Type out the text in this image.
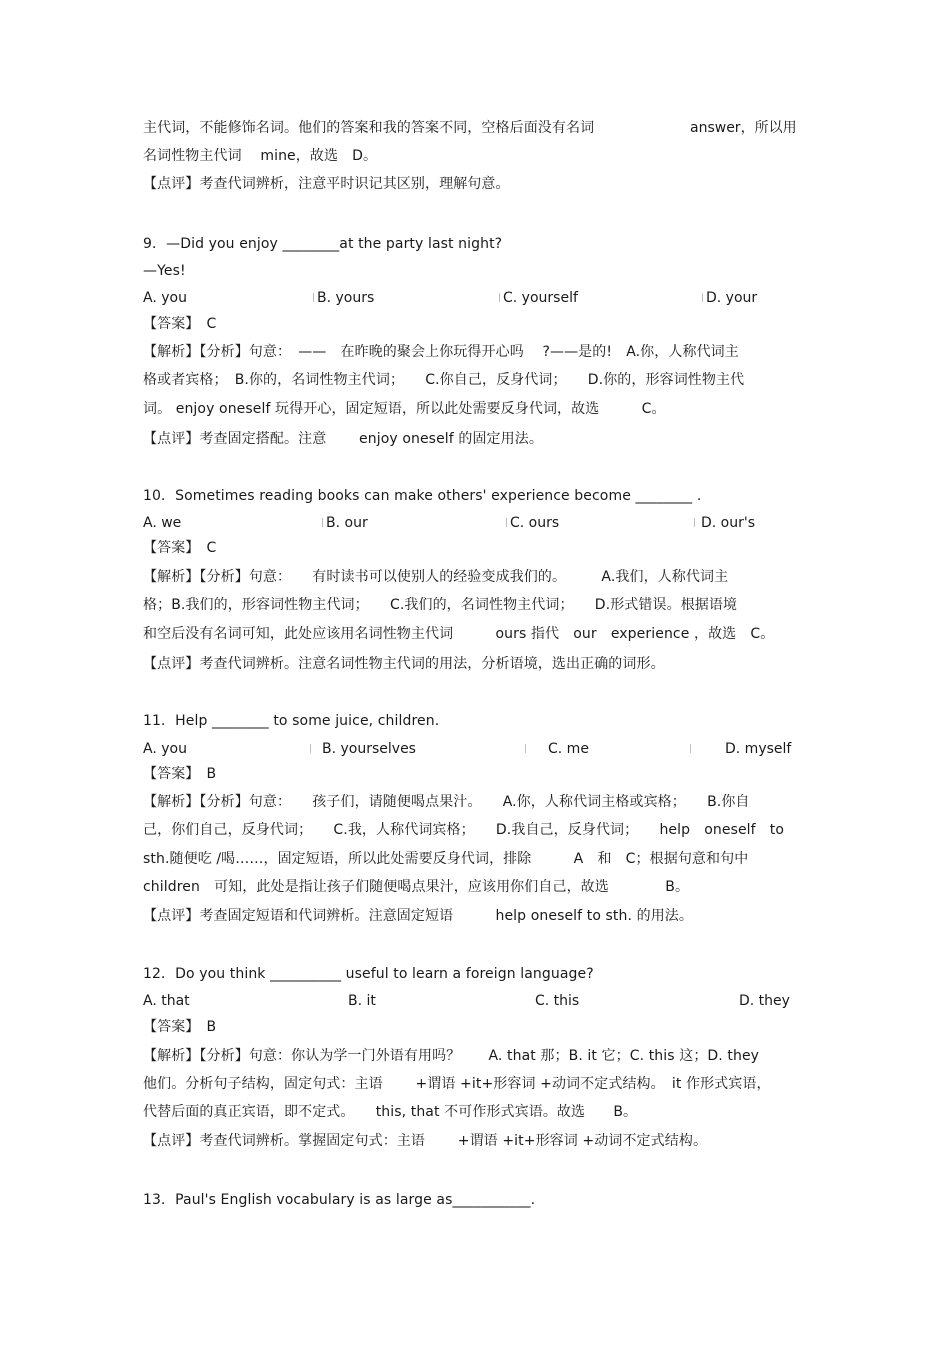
主代词，不能修饰名词。他们的答案和我的答案不同，空格后面没有名词	answer，所以用
名词性物主代词　 mine，故选　D。
【点评】考查代词辨析，注意平时识记其区别，理解句意。
9．—Did you enjoy ________at the party last night?
—Yes!
A. you	B. yours	C. yourself	D. your
【答案】　C
【解析】【分析】句意：　——　在昨晚的聚会上你玩得开心吗　 ?——是的!　A.你，人称代词主
格或者宾格；　B.你的，名词性物主代词；　　C.你自己，反身代词；　　D.你的，形容词性物主代
词。 enjoy oneself 玩得开心，固定短语，所以此处需要反身代词，故选　　　C。
【点评】考查固定搭配。注意　　 enjoy oneself 的固定用法。
10．Sometimes reading books can make others' experience become ________ .
A. we	B. our	C. ours	D. our's
【答案】　C
【解析】【分析】句意：　　有时读书可以使别人的经验变成我们的。　　　A.我们，人称代词主
格；B.我们的，形容词性物主代词；　　C.我们的，名词性物主代词；　　D.形式错误。根据语境
和空后没有名词可知，此处应该用名词性物主代词　　　ours 指代　our　experience ，故选　C。
【点评】考查代词辨析。注意名词性物主代词的用法，分析语境，选出正确的词形。
11．Help ________ to some juice, children.
A. you	B. yourselves	C. me	D. myself
【答案】　B
【解析】【分析】句意：　　孩子们，请随便喝点果汁。　　A.你，人称代词主格或宾格；　　B.你自
己，你们自己，反身代词；　　C.我，人称代词宾格；　　D.我自己，反身代词；　　help　oneself　to
sth.随便吃 /喝……，固定短语，所以此处需要反身代词，排除　　　A　和　C；根据句意和句中
children　可知，此处是指让孩子们随便喝点果汁，应该用你们自己，故选　　　　B。
【点评】考查固定短语和代词辨析。注意固定短语　　　help oneself to sth. 的用法。
12．Do you think __________ useful to learn a foreign language?
A. that	B. it	C. this	D. they
【答案】　B
【解析】【分析】句意：你认为学一门外语有用吗？　　A. that 那；B. it 它；C. this 这；D. they
他们。分析句子结构，固定句式：主语　　 +谓语 +it+形容词 +动词不定式结构。　it 作形式宾语，
代替后面的真正宾语，即不定式。　　this, that 不可作形式宾语。故选　　B。
【点评】考查代词辨析。掌握固定句式：主语　　 +谓语 +it+形容词 +动词不定式结构。
13．Paul's English vocabulary is as large as___________.
